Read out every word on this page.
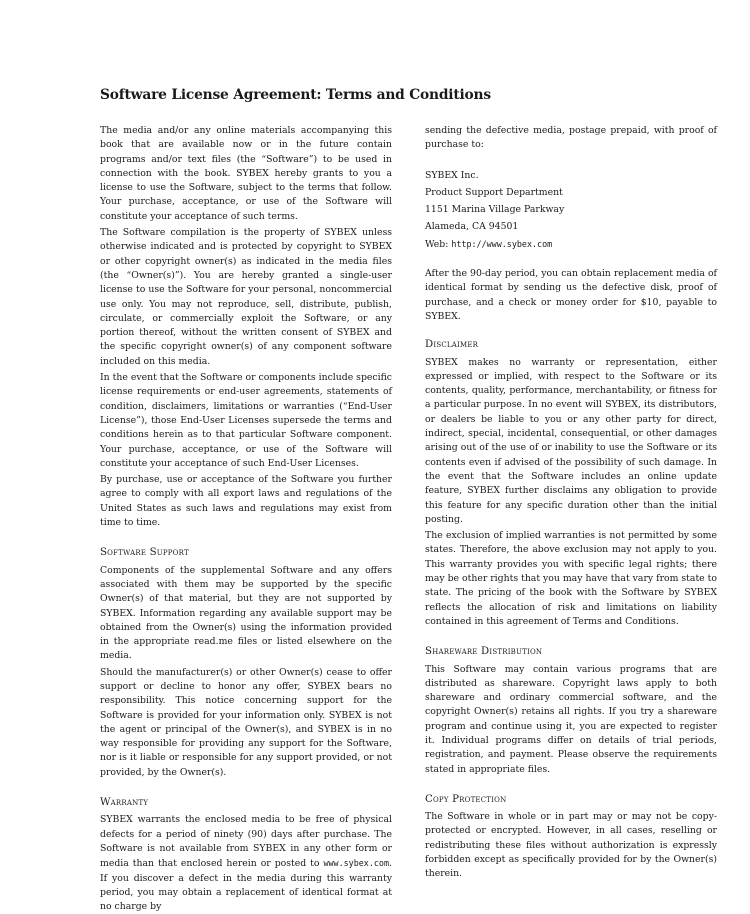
Software License Agreement: Terms and Conditions

The media and/or any online materials accompanying this book that are available now or in the future contain programs and/or text files (the “Software”) to be used in connection with the book. SYBEX hereby grants to you a license to use the Software, subject to the terms that follow. Your purchase, acceptance, or use of the Software will constitute your acceptance of such terms.

The Software compilation is the property of SYBEX unless otherwise indicated and is protected by copyright to SYBEX or other copyright owner(s) as indicated in the media files (the “Owner(s)”). You are hereby granted a single-user license to use the Software for your personal, noncommercial use only. You may not reproduce, sell, distribute, publish, circulate, or commercially exploit the Software, or any portion thereof, without the written consent of SYBEX and the specific copyright owner(s) of any component software included on this media.

In the event that the Software or components include specific license requirements or end-user agreements, statements of condition, disclaimers, limitations or warranties (“End-User License”), those End-User Licenses supersede the terms and conditions herein as to that particular Software component. Your purchase, acceptance, or use of the Software will constitute your acceptance of such End-User Licenses.

By purchase, use or acceptance of the Software you further agree to comply with all export laws and regulations of the United States as such laws and regulations may exist from time to time.

Software Support

Components of the supplemental Software and any offers associated with them may be supported by the specific Owner(s) of that material, but they are not supported by SYBEX. Information regarding any available support may be obtained from the Owner(s) using the information provided in the appropriate read.me files or listed elsewhere on the media.

Should the manufacturer(s) or other Owner(s) cease to offer support or decline to honor any offer, SYBEX bears no responsibility. This notice concerning support for the Software is provided for your information only. SYBEX is not the agent or principal of the Owner(s), and SYBEX is in no way responsible for providing any support for the Software, nor is it liable or responsible for any support provided, or not provided, by the Owner(s).

Warranty

SYBEX warrants the enclosed media to be free of physical defects for a period of ninety (90) days after purchase. The Software is not available from SYBEX in any other form or media than that enclosed herein or posted to www.sybex.com. If you discover a defect in the media during this warranty period, you may obtain a replacement of identical format at no charge by

sending the defective media, postage prepaid, with proof of purchase to:

SYBEX Inc.
Product Support Department
1151 Marina Village Parkway
Alameda, CA 94501
Web: http://www.sybex.com

After the 90-day period, you can obtain replacement media of identical format by sending us the defective disk, proof of purchase, and a check or money order for $10, payable to SYBEX.

Disclaimer

SYBEX makes no warranty or representation, either expressed or implied, with respect to the Software or its contents, quality, performance, merchantability, or fitness for a particular purpose. In no event will SYBEX, its distributors, or dealers be liable to you or any other party for direct, indirect, special, incidental, consequential, or other damages arising out of the use of or inability to use the Software or its contents even if advised of the possibility of such damage. In the event that the Software includes an online update feature, SYBEX further disclaims any obligation to provide this feature for any specific duration other than the initial posting.

The exclusion of implied warranties is not permitted by some states. Therefore, the above exclusion may not apply to you. This warranty provides you with specific legal rights; there may be other rights that you may have that vary from state to state. The pricing of the book with the Software by SYBEX reflects the allocation of risk and limitations on liability contained in this agreement of Terms and Conditions.

Shareware Distribution

This Software may contain various programs that are distributed as shareware. Copyright laws apply to both shareware and ordinary commercial software, and the copyright Owner(s) retains all rights. If you try a shareware program and continue using it, you are expected to register it. Individual programs differ on details of trial periods, registration, and payment. Please observe the requirements stated in appropriate files.

Copy Protection

The Software in whole or in part may or may not be copy-protected or encrypted. However, in all cases, reselling or redistributing these files without authorization is expressly forbidden except as specifically provided for by the Owner(s) therein.
